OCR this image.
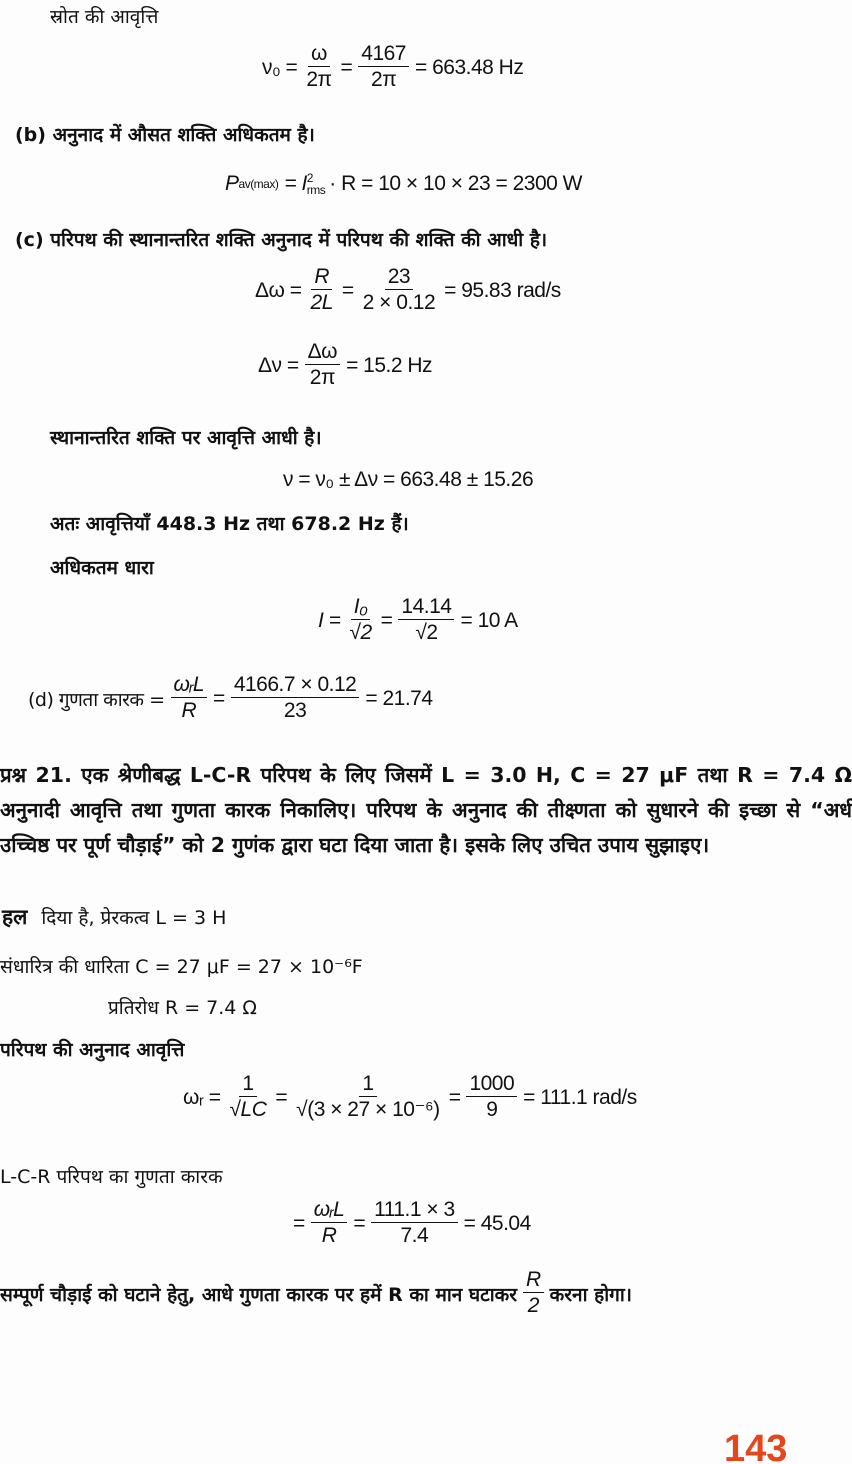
स्रोत की आवृत्ति
$\nu_0 = \frac{\omega}{2\pi} = \frac{4167}{2\pi} = 663.48$ Hz
(b) अनुनाद में औसत शक्ति अधिकतम है।
P av(max) = I 2
rms · R = 10 × 10 × 23 = 2300 W
(c) परिपथ की स्थानान्तरित शक्ति अनुनाद में परिपथ की शक्ति की आधी है।
$\Delta\omega = \frac{R}{2L} = \frac{23}{2 \times 0.12} = 95.83$ rad/s
$\Delta\nu = \frac{\Delta\omega}{2\pi} = 15.2$ Hz
स्थानान्तरित शक्ति पर आवृत्ति आधी है।
ν = ν₀ ± Δν = 663.48 ± 15.26
अतः आवृत्तियाँ 448.3 Hz तथा 678.2 Hz हैं।
अधिकतम धारा
$I = \frac{\text{I₀}}{√2} = \frac{14.14}{√2} = 10$ A
(d) गुणता कारक = $\frac{\text{ωᵣL}}{R} = \frac{4166.7 \times 0.12}{23} = 21.74$
प्रश्न 21. एक श्रेणीबद्ध L-C-R परिपथ के लिए जिसमें L = 3.0 H, C = 27 μF तथा R = 7.4 Ω अनुनादी आवृत्ति तथा गुणता कारक निकालिए। परिपथ के अनुनाद की तीक्ष्णता को सुधारने की इच्छा से “अर्ध उच्चिष्ठ पर पूर्ण चौड़ाई” को 2 गुणंक द्वारा घटा दिया जाता है। इसके लिए उचित उपाय सुझाइए।
हल दिया है, प्रेरकत्व L = 3 H
संधारित्र की धारिता C = 27 μF = 27 × 10⁻⁶F
प्रतिरोध R = 7.4 Ω
परिपथ की अनुनाद आवृत्ति
ωᵣ = $\frac{1}{√LC} = \frac{1}{\text{√(3 × 27 × 10⁻⁶)}} = \frac{1000}{9} = 111.1$ rad/s
L-C-R परिपथ का गुणता कारक
= $\frac{\text{ωᵣL}}{R} = \frac{111.1 \times 3}{7.4} = 45.04$
सम्पूर्ण चौड़ाई को घटाने हेतु, आधे गुणता कारक पर हमें R का मान घटाकर $\frac{R}{2}$ करना होगा।
143
